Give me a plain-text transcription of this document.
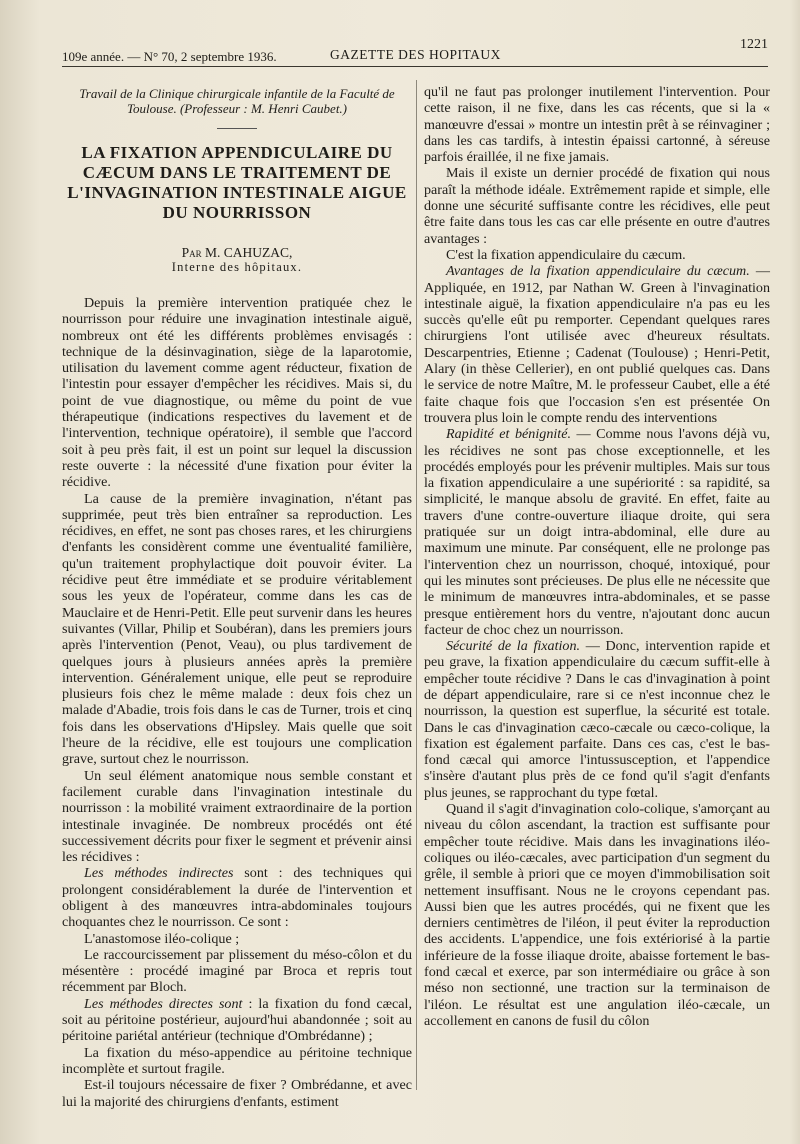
109e année. — N° 70, 2 septembre 1936.	GAZETTE DES HOPITAUX
1221
Travail de la Clinique chirurgicale infantile de la Faculté de Toulouse. (Professeur : M. Henri Caubet.)
LA FIXATION APPENDICULAIRE DU CÆCUM DANS LE TRAITEMENT DE L'INVAGINATION INTESTINALE AIGUE DU NOURRISSON
Par M. CAHUZAC,
Interne des hôpitaux.

Depuis la première intervention pratiquée chez le nourrisson pour réduire une invagination intestinale aiguë, nombreux ont été les différents problèmes envisagés : technique de la désinvagination, siège de la laparotomie, utilisation du lavement comme agent réducteur, fixation de l'intestin pour essayer d'empêcher les récidives. Mais si, du point de vue diagnostique, ou même du point de vue thérapeutique (indications respectives du lavement et de l'intervention, technique opératoire), il semble que l'accord soit à peu près fait, il est un point sur lequel la discussion reste ouverte : la nécessité d'une fixation pour éviter la récidive.

La cause de la première invagination, n'étant pas supprimée, peut très bien entraîner sa reproduction. Les récidives, en effet, ne sont pas choses rares, et les chirurgiens d'enfants les considèrent comme une éventualité familière, qu'un traitement prophylactique doit pouvoir éviter. La récidive peut être immédiate et se produire véritablement sous les yeux de l'opérateur, comme dans les cas de Mauclaire et de Henri-Petit. Elle peut survenir dans les heures suivantes (Villar, Philip et Soubéran), dans les premiers jours après l'intervention (Penot, Veau), ou plus tardivement de quelques jours à plusieurs années après la première intervention. Généralement unique, elle peut se reproduire plusieurs fois chez le même malade : deux fois chez un malade d'Abadie, trois fois dans le cas de Turner, trois et cinq fois dans les observations d'Hipsley. Mais quelle que soit l'heure de la récidive, elle est toujours une complication grave, surtout chez le nourrisson.

Un seul élément anatomique nous semble constant et facilement curable dans l'invagination intestinale du nourrisson : la mobilité vraiment extraordinaire de la portion intestinale invaginée. De nombreux procédés ont été successivement décrits pour fixer le segment et prévenir ainsi les récidives :

Les méthodes indirectes sont : des techniques qui prolongent considérablement la durée de l'intervention et obligent à des manœuvres intra-abdominales toujours choquantes chez le nourrisson. Ce sont :

L'anastomose iléo-colique ;

Le raccourcissement par plissement du méso-côlon et du mésentère : procédé imaginé par Broca et repris tout récemment par Bloch.

Les méthodes directes sont : la fixation du fond cæcal, soit au péritoine postérieur, aujourd'hui abandonnée ; soit au péritoine pariétal antérieur (technique d'Ombrédanne) ;

La fixation du méso-appendice au péritoine technique incomplète et surtout fragile.

Est-il toujours nécessaire de fixer ? Ombrédanne, et avec lui la majorité des chirurgiens d'enfants, estiment

qu'il ne faut pas prolonger inutilement l'intervention. Pour cette raison, il ne fixe, dans les cas récents, que si la « manœuvre d'essai » montre un intestin prêt à se réinvaginer ; dans les cas tardifs, à intestin épaissi cartonné, à séreuse parfois éraillée, il ne fixe jamais.

Mais il existe un dernier procédé de fixation qui nous paraît la méthode idéale. Extrêmement rapide et simple, elle donne une sécurité suffisante contre les récidives, elle peut être faite dans tous les cas car elle présente en outre d'autres avantages :

C'est la fixation appendiculaire du cæcum.

Avantages de la fixation appendiculaire du cæcum. — Appliquée, en 1912, par Nathan W. Green à l'invagination intestinale aiguë, la fixation appendiculaire n'a pas eu les succès qu'elle eût pu remporter. Cependant quelques rares chirurgiens l'ont utilisée avec d'heureux résultats. Descarpentries, Etienne ; Cadenat (Toulouse) ; Henri-Petit, Alary (in thèse Cellerier), en ont publié quelques cas. Dans le service de notre Maître, M. le professeur Caubet, elle a été faite chaque fois que l'occasion s'en est présentée On trouvera plus loin le compte rendu des interventions

Rapidité et bénignité. — Comme nous l'avons déjà vu, les récidives ne sont pas chose exceptionnelle, et les procédés employés pour les prévenir multiples. Mais sur tous la fixation appendiculaire a une supériorité : sa rapidité, sa simplicité, le manque absolu de gravité. En effet, faite au travers d'une contre-ouverture iliaque droite, qui sera pratiquée sur un doigt intra-abdominal, elle dure au maximum une minute. Par conséquent, elle ne prolonge pas l'intervention chez un nourrisson, choqué, intoxiqué, pour qui les minutes sont précieuses. De plus elle ne nécessite que le minimum de manœuvres intra-abdominales, et se passe presque entièrement hors du ventre, n'ajoutant donc aucun facteur de choc chez un nourrisson.

Sécurité de la fixation. — Donc, intervention rapide et peu grave, la fixation appendiculaire du cæcum suffit-elle à empêcher toute récidive ? Dans le cas d'invagination à point de départ appendiculaire, rare si ce n'est inconnue chez le nourrisson, la question est superflue, la sécurité est totale. Dans le cas d'invagination cæco-cæcale ou cæco-colique, la fixation est également parfaite. Dans ces cas, c'est le bas-fond cæcal qui amorce l'intussusception, et l'appendice s'insère d'autant plus près de ce fond qu'il s'agit d'enfants plus jeunes, se rapprochant du type fœtal.

Quand il s'agit d'invagination colo-colique, s'amorçant au niveau du côlon ascendant, la traction est suffisante pour empêcher toute récidive. Mais dans les invaginations iléo-coliques ou iléo-cæcales, avec participation d'un segment du grêle, il semble à priori que ce moyen d'immobilisation soit nettement insuffisant. Nous ne le croyons cependant pas. Aussi bien que les autres procédés, qui ne fixent que les derniers centimètres de l'iléon, il peut éviter la reproduction des accidents. L'appendice, une fois extériorisé à la partie inférieure de la fosse iliaque droite, abaisse fortement le bas-fond cæcal et exerce, par son intermédiaire ou grâce à son méso non sectionné, une traction sur la terminaison de l'iléon. Le résultat est une angulation iléo-cæcale, un accollement en canons de fusil du côlon
